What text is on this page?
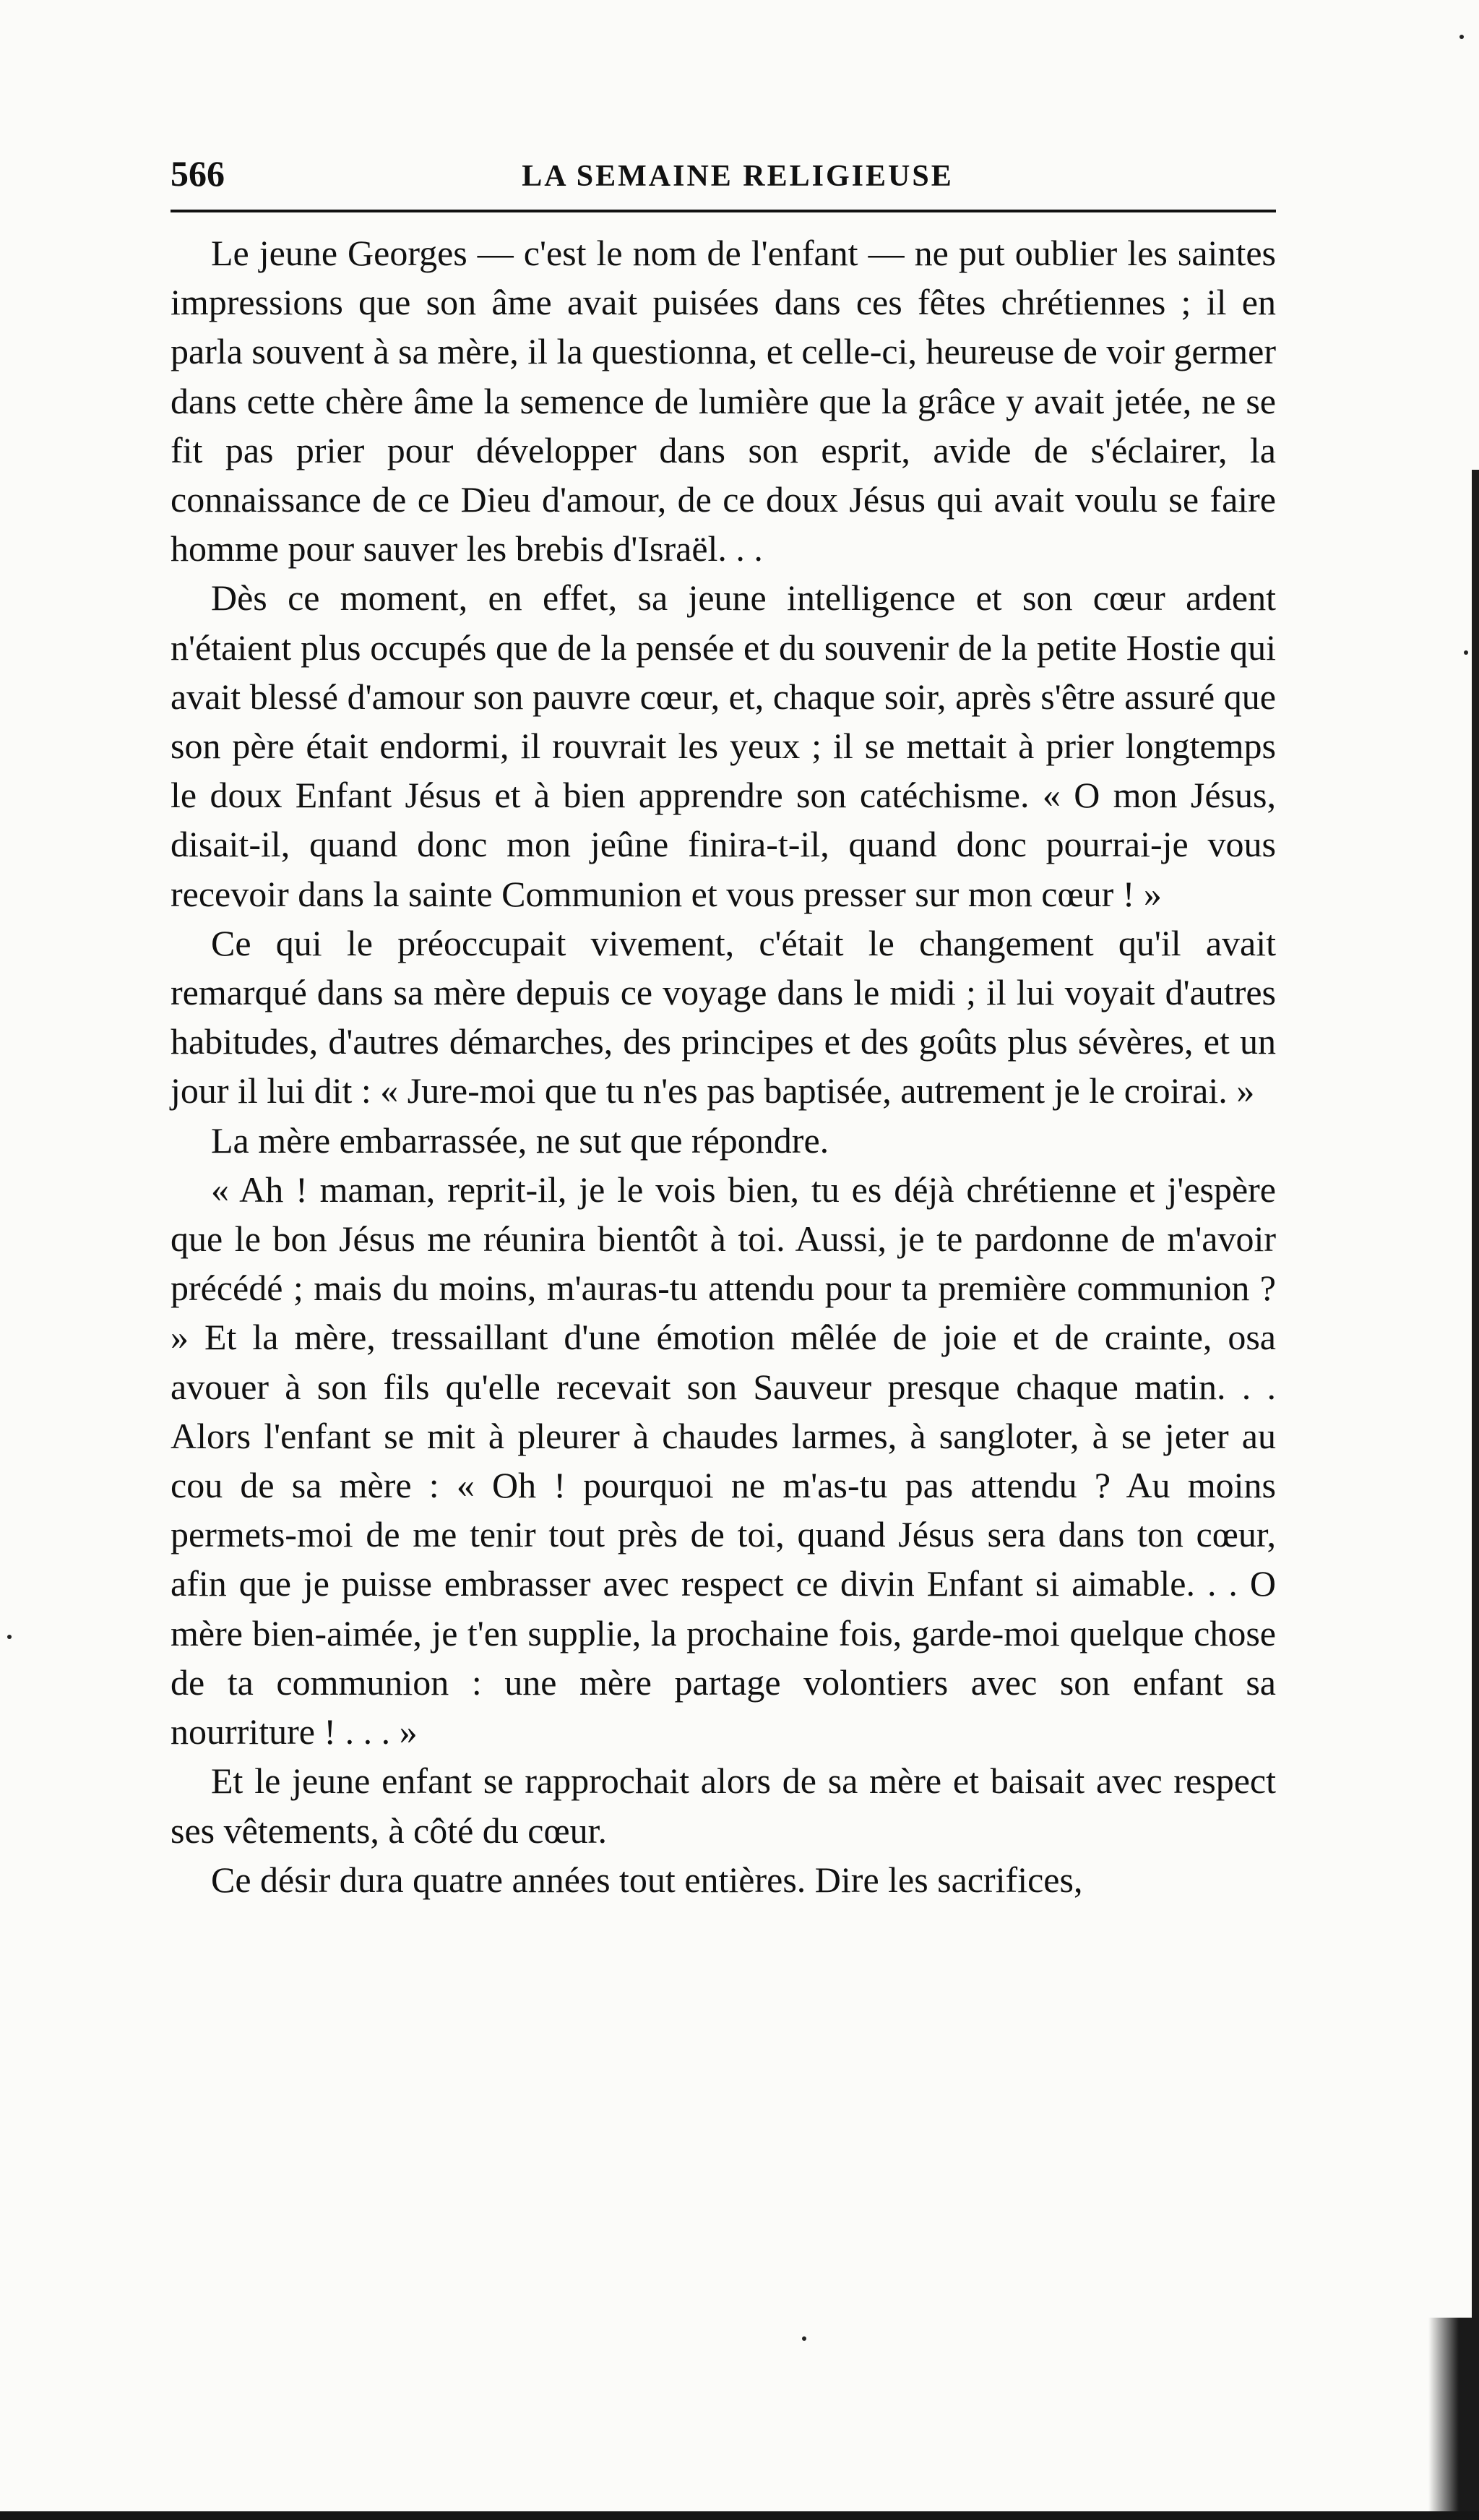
566	LA SEMAINE RELIGIEUSE

Le jeune Georges — c'est le nom de l'enfant — ne put oublier les saintes impressions que son âme avait puisées dans ces fêtes chrétiennes ; il en parla souvent à sa mère, il la questionna, et celle-ci, heureuse de voir germer dans cette chère âme la semence de lumière que la grâce y avait jetée, ne se fit pas prier pour développer dans son esprit, avide de s'éclairer, la connaissance de ce Dieu d'amour, de ce doux Jésus qui avait voulu se faire homme pour sauver les brebis d'Israël. . .

Dès ce moment, en effet, sa jeune intelligence et son cœur ardent n'étaient plus occupés que de la pensée et du souvenir de la petite Hostie qui avait blessé d'amour son pauvre cœur, et, chaque soir, après s'être assuré que son père était endormi, il rouvrait les yeux ; il se mettait à prier longtemps le doux Enfant Jésus et à bien apprendre son catéchisme. « O mon Jésus, disait-il, quand donc mon jeûne finira-t-il, quand donc pourrai-je vous recevoir dans la sainte Communion et vous presser sur mon cœur ! »

Ce qui le préoccupait vivement, c'était le changement qu'il avait remarqué dans sa mère depuis ce voyage dans le midi ; il lui voyait d'autres habitudes, d'autres démarches, des principes et des goûts plus sévères, et un jour il lui dit : « Jure-moi que tu n'es pas baptisée, autrement je le croirai. »

La mère embarrassée, ne sut que répondre.

« Ah ! maman, reprit-il, je le vois bien, tu es déjà chrétienne et j'espère que le bon Jésus me réunira bientôt à toi. Aussi, je te pardonne de m'avoir précédé ; mais du moins, m'auras-tu attendu pour ta première communion ? » Et la mère, tressaillant d'une émotion mêlée de joie et de crainte, osa avouer à son fils qu'elle recevait son Sauveur presque chaque matin. . . Alors l'enfant se mit à pleurer à chaudes larmes, à sangloter, à se jeter au cou de sa mère : « Oh ! pourquoi ne m'as-tu pas attendu ? Au moins permets-moi de me tenir tout près de toi, quand Jésus sera dans ton cœur, afin que je puisse embrasser avec respect ce divin Enfant si aimable. . . O mère bien-aimée, je t'en supplie, la prochaine fois, garde-moi quelque chose de ta communion : une mère partage volontiers avec son enfant sa nourriture ! . . . »

Et le jeune enfant se rapprochait alors de sa mère et baisait avec respect ses vêtements, à côté du cœur.

Ce désir dura quatre années tout entières. Dire les sacrifices,
